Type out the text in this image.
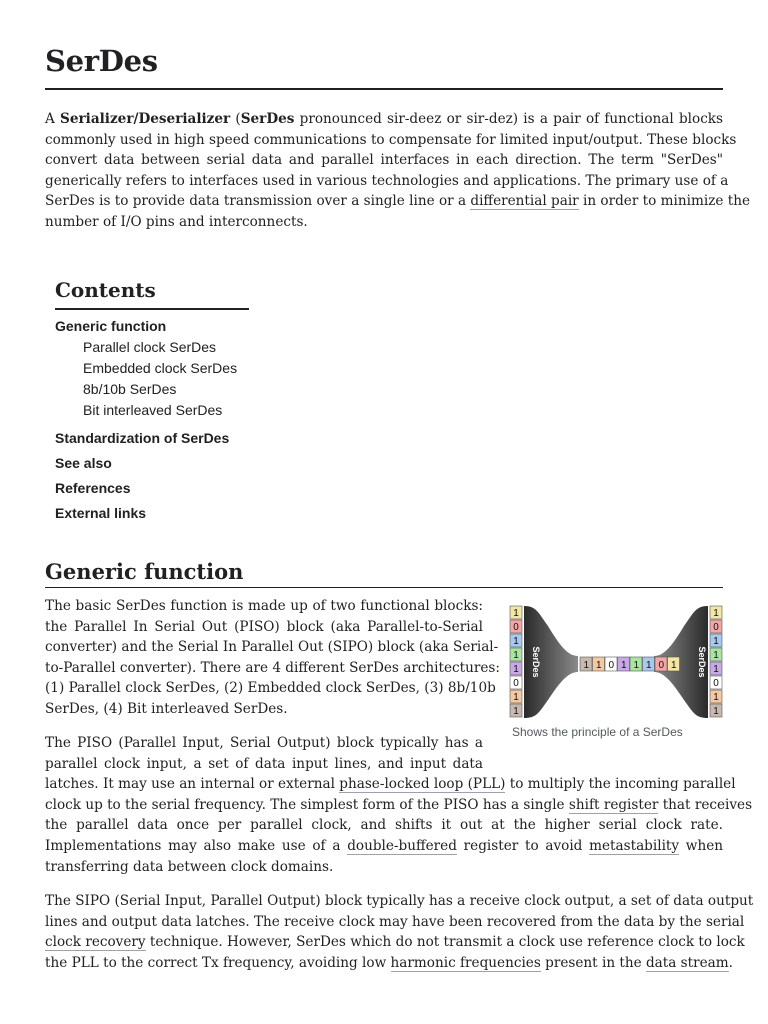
SerDes
A Serializer/Deserializer (SerDes pronounced sir-deez or sir-dez) is a pair of functional blocks
commonly used in high speed communications to compensate for limited input/output. These blocks
convert data between serial data and parallel interfaces in each direction. The term "SerDes"
generically refers to interfaces used in various technologies and applications. The primary use of a
SerDes is to provide data transmission over a single line or a differential pair in order to minimize the
number of I/O pins and interconnects.
Contents
Generic function
Parallel clock SerDes
Embedded clock SerDes
8b/10b SerDes
Bit interleaved SerDes
Standardization of SerDes
See also
References
External links
Generic function
The basic SerDes function is made up of two functional blocks:
the Parallel In Serial Out (PISO) block (aka Parallel-to-Serial
converter) and the Serial In Parallel Out (SIPO) block (aka Serial-
to-Parallel converter). There are 4 different SerDes architectures:
(1) Parallel clock SerDes, (2) Embedded clock SerDes, (3) 8b/10b
SerDes, (4) Bit interleaved SerDes.
SerDes	SerDes
1
0
1
1
1
0
1
1
1
0
1
1
1
0
1
1
1 1 0 1 1 1 0 1
Shows the principle of a SerDes
The PISO (Parallel Input, Serial Output) block typically has a
parallel clock input, a set of data input lines, and input data
latches. It may use an internal or external phase-locked loop (PLL) to multiply the incoming parallel
clock up to the serial frequency. The simplest form of the PISO has a single shift register that receives
the parallel data once per parallel clock, and shifts it out at the higher serial clock rate.
Implementations may also make use of a double-buffered register to avoid metastability when
transferring data between clock domains.
The SIPO (Serial Input, Parallel Output) block typically has a receive clock output, a set of data output
lines and output data latches. The receive clock may have been recovered from the data by the serial
clock recovery technique. However, SerDes which do not transmit a clock use reference clock to lock
the PLL to the correct Tx frequency, avoiding low harmonic frequencies present in the data stream.
